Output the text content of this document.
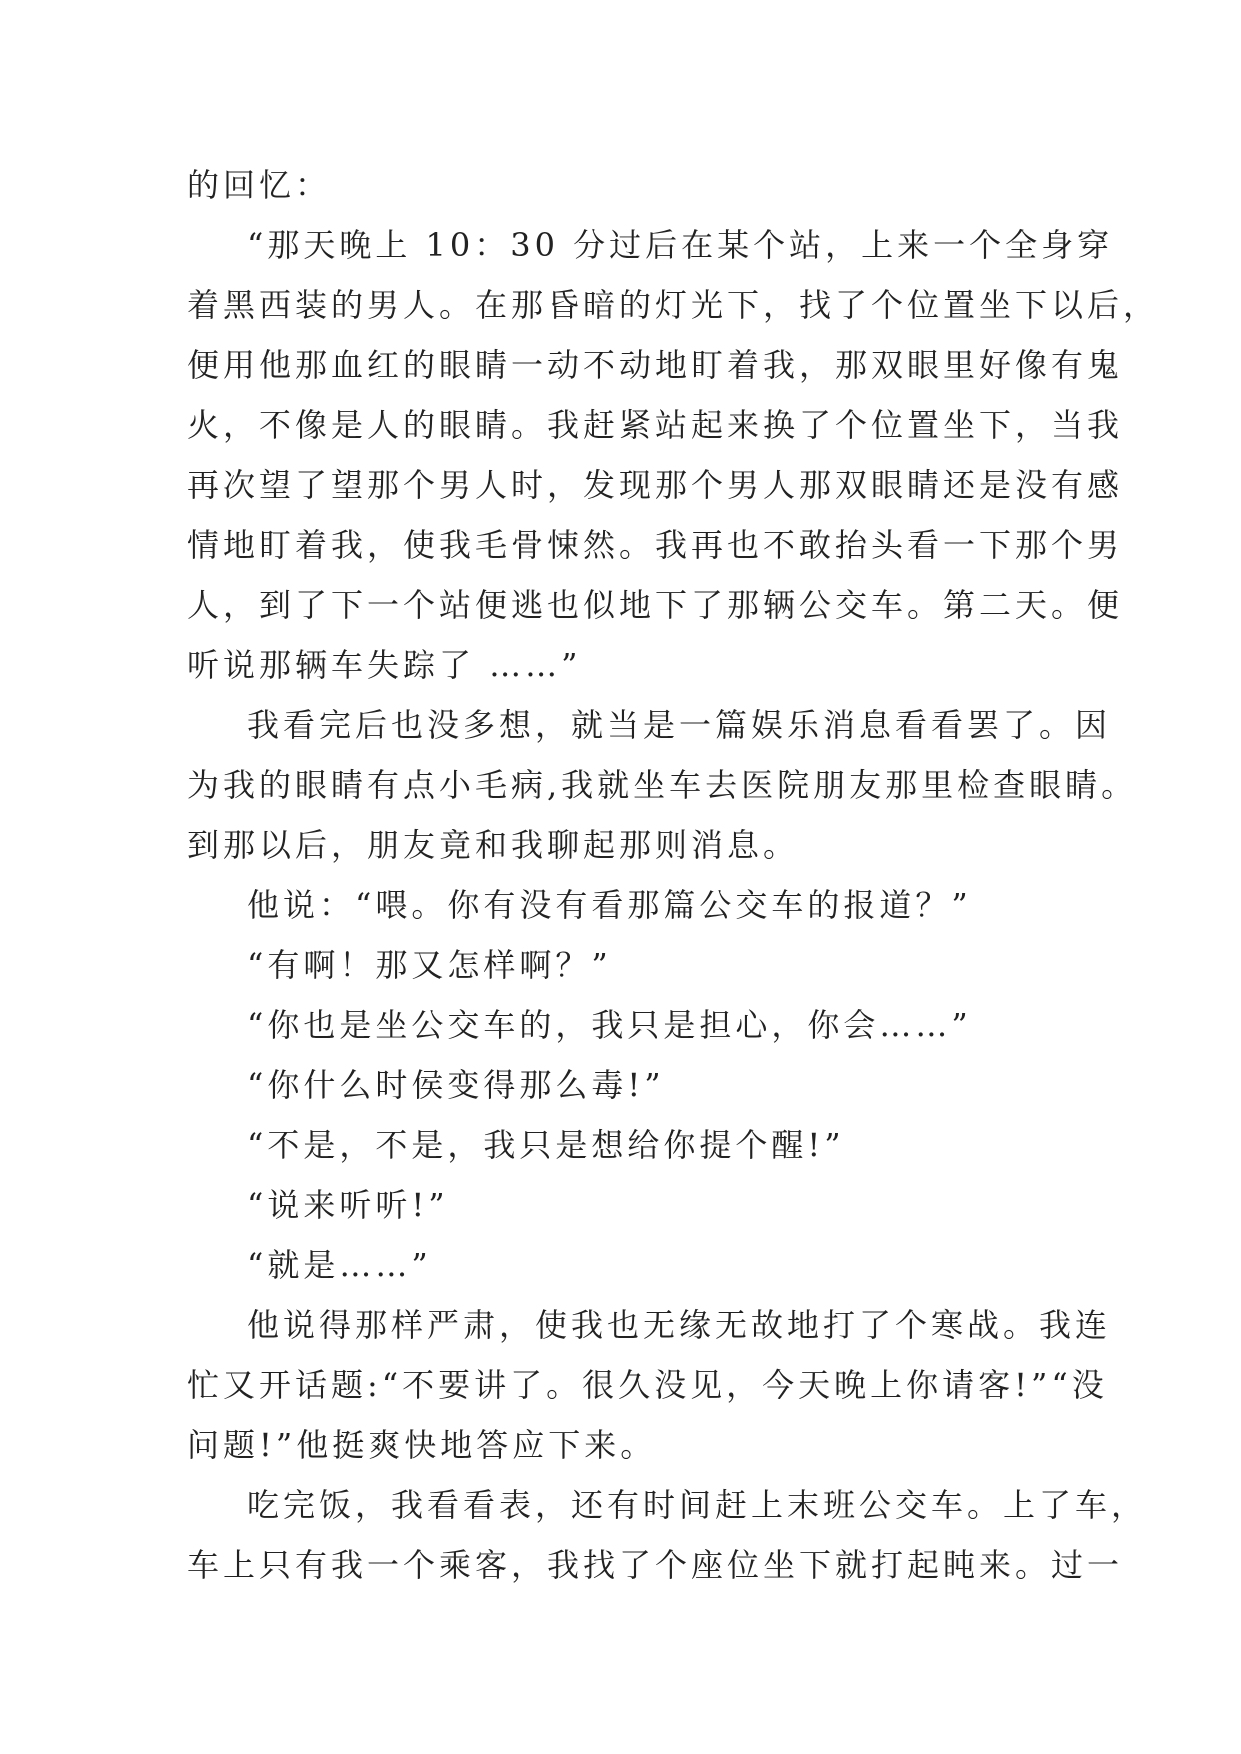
的回忆：
“那天晚上 10：30 分过后在某个站，上来一个全身穿
着黑西装的男人。在那昏暗的灯光下，找了个位置坐下以后，
便用他那血红的眼睛一动不动地盯着我，那双眼里好像有鬼
火，不像是人的眼睛。我赶紧站起来换了个位置坐下，当我
再次望了望那个男人时，发现那个男人那双眼睛还是没有感
情地盯着我，使我毛骨悚然。我再也不敢抬头看一下那个男
人，到了下一个站便逃也似地下了那辆公交车。第二天。便
听说那辆车失踪了 ……”
我看完后也没多想，就当是一篇娱乐消息看看罢了。因
为我的眼睛有点小毛病,我就坐车去医院朋友那里检查眼睛。
到那以后，朋友竟和我聊起那则消息。
他说：“喂。你有没有看那篇公交车的报道？”
“有啊！那又怎样啊？”
“你也是坐公交车的，我只是担心，你会……”
“你什么时侯变得那么毒!”
“不是，不是，我只是想给你提个醒!”
“说来听听!”
“就是……”
他说得那样严肃，使我也无缘无故地打了个寒战。我连
忙又开话题:“不要讲了。很久没见，今天晚上你请客!”“没
问题!”他挺爽快地答应下来。
吃完饭，我看看表，还有时间赶上末班公交车。上了车，
车上只有我一个乘客，我找了个座位坐下就打起盹来。过一
